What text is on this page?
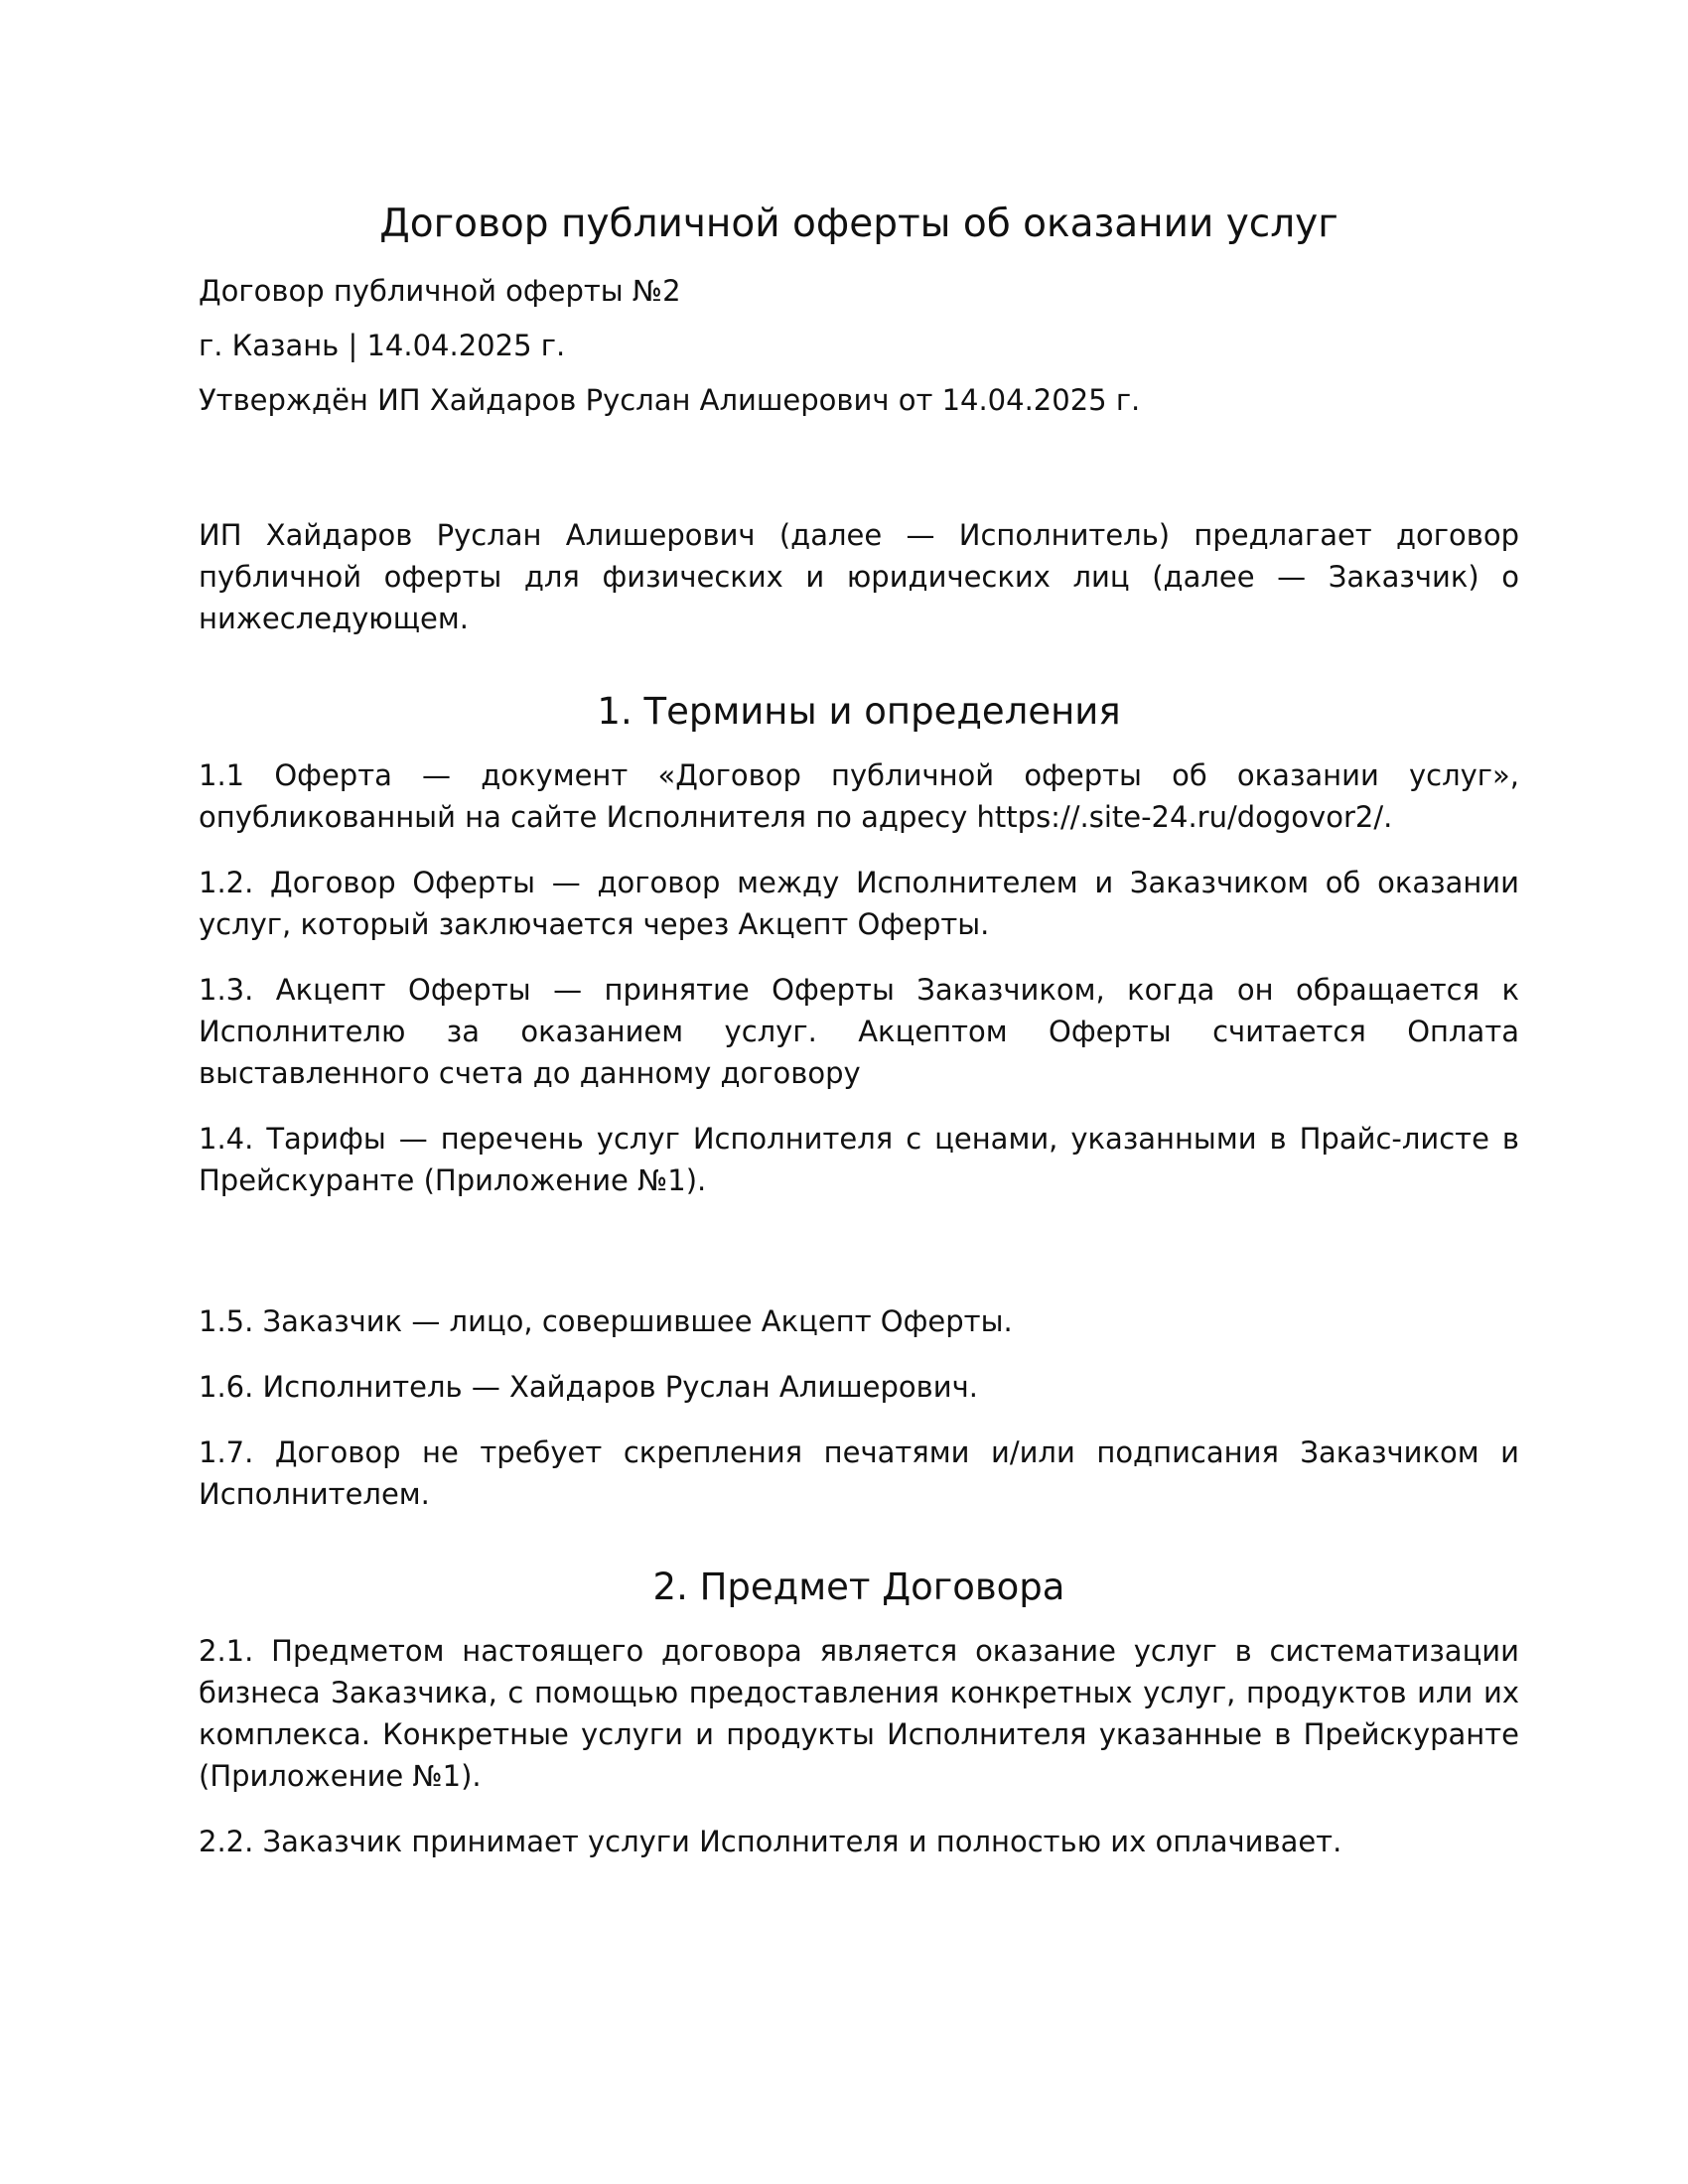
Договор публичной оферты об оказании услуг

Договор публичной оферты №2

г. Казань | 14.04.2025 г.

Утверждён ИП Хайдаров Руслан Алишерович от 14.04.2025 г.

ИП Хайдаров Руслан Алишерович (далее — Исполнитель) предлагает договор публичной оферты для физических и юридических лиц (далее — Заказчик) о нижеследующем.

1. Термины и определения

1.1 Оферта — документ «Договор публичной оферты об оказании услуг», опубликованный на сайте Исполнителя по адресу https://.site-24.ru/dogovor2/.

1.2. Договор Оферты — договор между Исполнителем и Заказчиком об оказании услуг, который заключается через Акцепт Оферты.

1.3. Акцепт Оферты — принятие Оферты Заказчиком, когда он обращается к Исполнителю за оказанием услуг. Акцептом Оферты считается Оплата выставленного счета до данному договору

1.4. Тарифы — перечень услуг Исполнителя с ценами, указанными в Прайс-листе в Прейскуранте (Приложение №1).

1.5. Заказчик — лицо, совершившее Акцепт Оферты.

1.6. Исполнитель — Хайдаров Руслан Алишерович.

1.7. Договор не требует скрепления печатями и/или подписания Заказчиком и Исполнителем.

2. Предмет Договора

2.1. Предметом настоящего договора является оказание услуг в систематизации бизнеса Заказчика, с помощью предоставления конкретных услуг, продуктов или их комплекса. Конкретные услуги и продукты Исполнителя указанные в Прейскуранте (Приложение №1).

2.2. Заказчик принимает услуги Исполнителя и полностью их оплачивает.
